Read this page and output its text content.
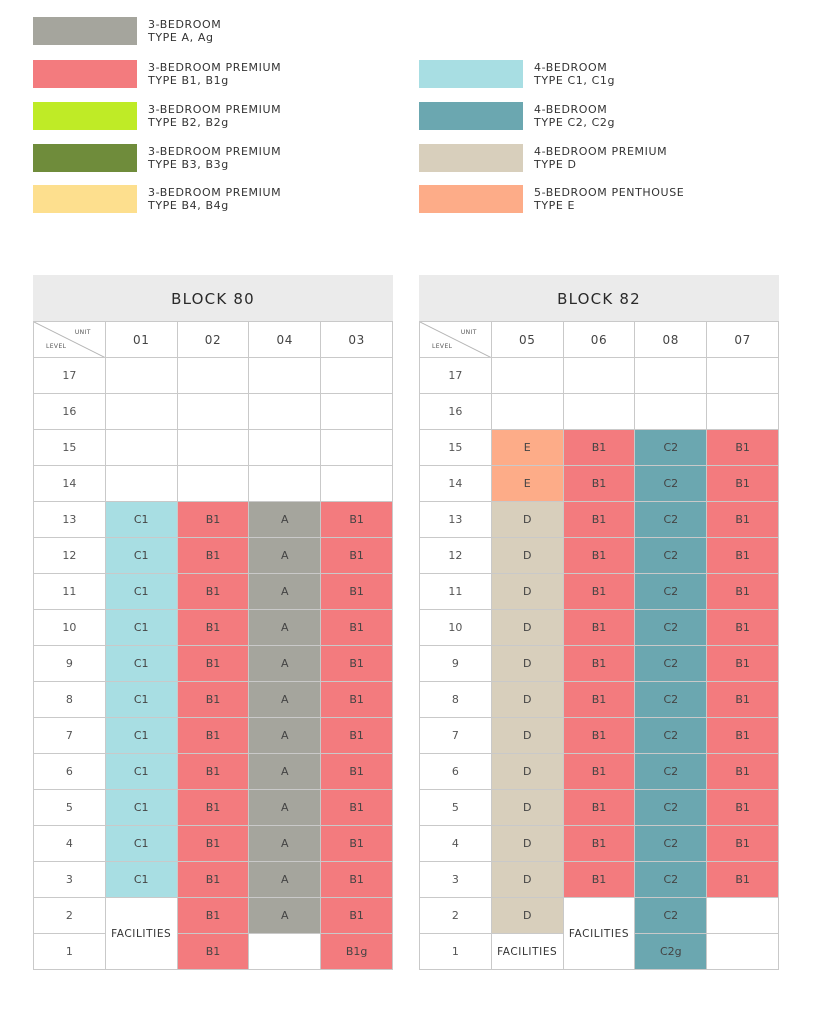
3-BEDROOM
TYPE A, Ag
3-BEDROOM PREMIUM
TYPE B1, B1g
3-BEDROOM PREMIUM
TYPE B2, B2g
3-BEDROOM PREMIUM
TYPE B3, B3g
3-BEDROOM PREMIUM
TYPE B4, B4g
4-BEDROOM
TYPE C1, C1g
4-BEDROOM
TYPE C2, C2g
4-BEDROOM PREMIUM
TYPE D
5-BEDROOM PENTHOUSE
TYPE E
BLOCK 80
UNIT
LEVEL	01	02	04	03
17				
16				
15				
14				
13	C1	B1	A	B1
12	C1	B1	A	B1
11	C1	B1	A	B1
10	C1	B1	A	B1
9	C1	B1	A	B1
8	C1	B1	A	B1
7	C1	B1	A	B1
6	C1	B1	A	B1
5	C1	B1	A	B1
4	C1	B1	A	B1
3	C1	B1	A	B1
2	FACILITIES	B1	A	B1
1		B1		B1g
BLOCK 82
UNIT
LEVEL	05	06	08	07
17				
16				
15	E	B1	C2	B1
14	E	B1	C2	B1
13	D	B1	C2	B1
12	D	B1	C2	B1
11	D	B1	C2	B1
10	D	B1	C2	B1
9	D	B1	C2	B1
8	D	B1	C2	B1
7	D	B1	C2	B1
6	D	B1	C2	B1
5	D	B1	C2	B1
4	D	B1	C2	B1
3	D	B1	C2	B1
2	D	FACILITIES	C2	
1	FACILITIES		C2g	
